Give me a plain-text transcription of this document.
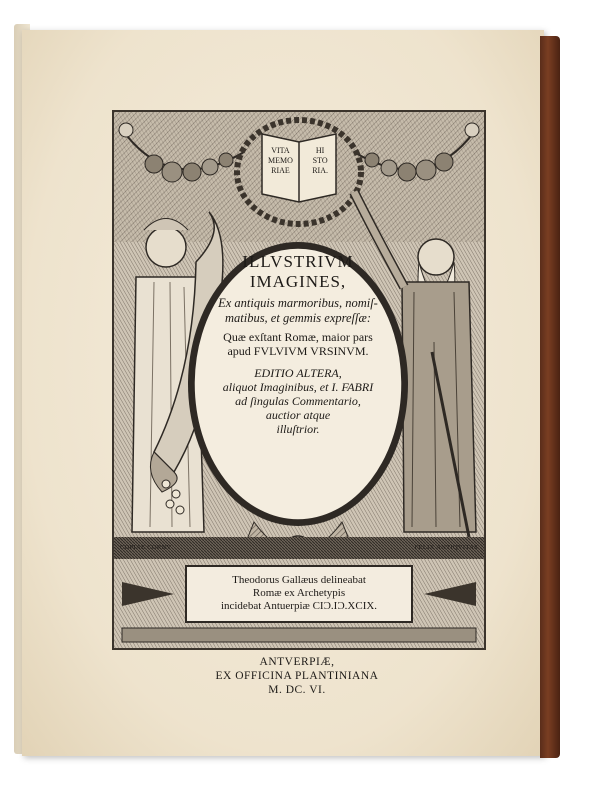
VITA
MEMO
RIAE
HI
STO
RIA.
ILLVSTRIVM
IMAGINES,
Ex antiquis marmoribus, nomiſ-
matibus, et gemmis expreſſæ:
Quæ exſtant Romæ, maior pars
apud FVLVIVM VRSINVM.
EDITIO ALTERA,
aliquot Imaginibus, et I. FABRI
ad ſingulas Commentario,
auctior atque
illuſtrior.
COPIAE CORNV	FELIX ANTIQVITAS
Theodorus Gallæus delineabat
Romæ ex Archetypis
incidebat Antuerpiæ CIƆ.IƆ.XCIX.
ANTVERPIÆ,
EX OFFICINA PLANTINIANA
M. DC. VI.
